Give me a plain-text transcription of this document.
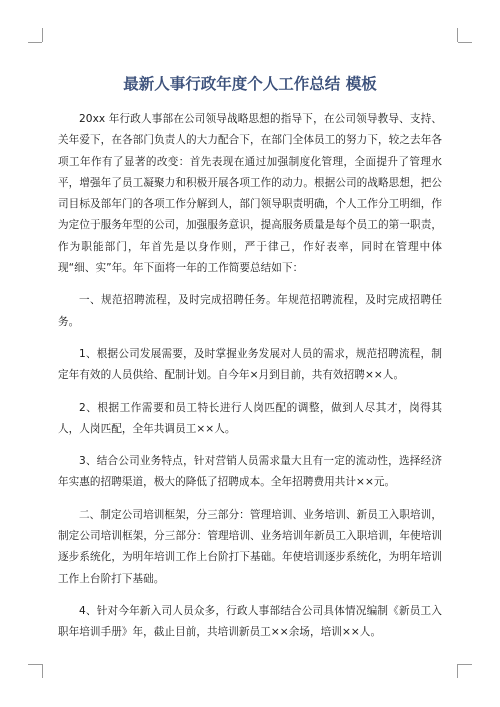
最新人事行政年度个人工作总结 模板

20xx 年行政人事部在公司领导战略思想的指导下，在公司领导教导、支持、关年爱下，在各部门负责人的大力配合下，在部门全体员工的努力下，较之去年各项工年作有了显著的改变：首先表现在通过加强制度化管理，全面提升了管理水平，增强年了员工凝聚力和积极开展各项工作的动力。根据公司的战略思想，把公司目标及部年门的各项工作分解到人，部门领导职责明确，个人工作分工明细，作为定位于服务年型的公司，加强服务意识，提高服务质量是每个员工的第一职责，作为职能部门，年首先是以身作则，严于律己，作好表率，同时在管理中体现“细、实”年。年下面将一年的工作简要总结如下：

一、规范招聘流程，及时完成招聘任务。年规范招聘流程，及时完成招聘任务。

1、根据公司发展需要，及时掌握业务发展对人员的需求，规范招聘流程，制定年有效的人员供给、配制计划。自今年×月到目前，共有效招聘××人。

2、根据工作需要和员工特长进行人岗匹配的调整，做到人尽其才，岗得其人，人岗匹配，全年共调员工××人。

3、结合公司业务特点，针对营销人员需求量大且有一定的流动性，选择经济年实惠的招聘渠道，极大的降低了招聘成本。全年招聘费用共计××元。

二、制定公司培训框架，分三部分：管理培训、业务培训、新员工入职培训，制定公司培训框架，分三部分：管理培训、业务培训年新员工入职培训，年使培训逐步系统化，为明年培训工作上台阶打下基础。年使培训逐步系统化，为明年培训工作上台阶打下基础。

4、针对今年新入司人员众多，行政人事部结合公司具体情况编制《新员工入职年培训手册》年，截止目前，共培训新员工××余场，培训××人。
